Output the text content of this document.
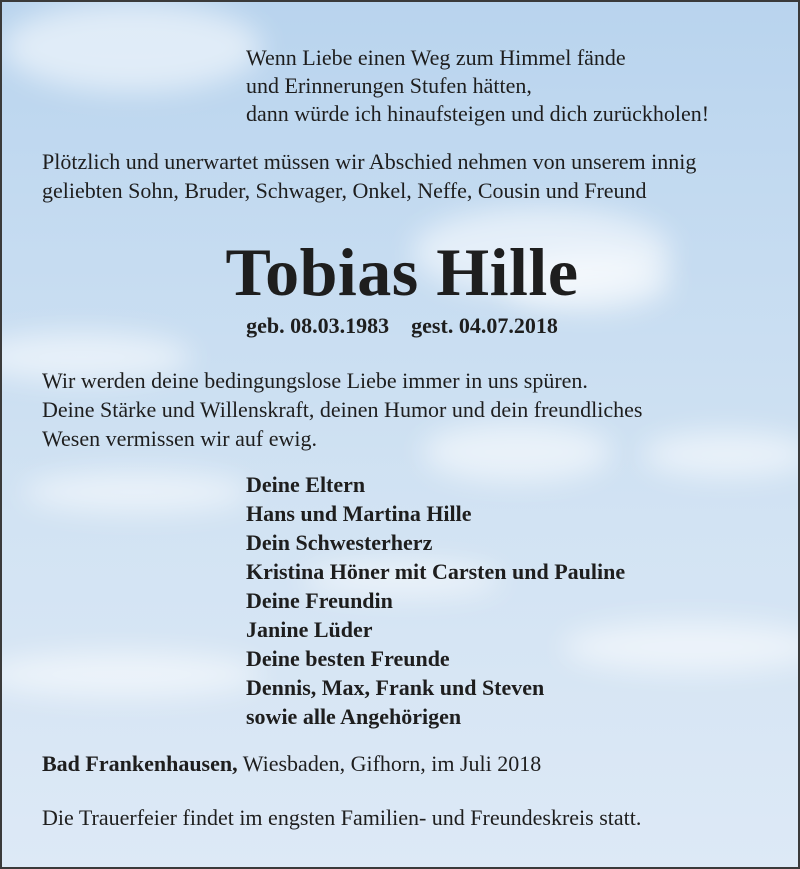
Wenn Liebe einen Weg zum Himmel fände
und Erinnerungen Stufen hätten,
dann würde ich hinaufsteigen und dich zurückholen!
Plötzlich und unerwartet müssen wir Abschied nehmen von unserem innig
geliebten Sohn, Bruder, Schwager, Onkel, Neffe, Cousin und Freund
Tobias Hille
geb. 08.03.1983 gest. 04.07.2018
Wir werden deine bedingungslose Liebe immer in uns spüren.
Deine Stärke und Willenskraft, deinen Humor und dein freundliches
Wesen vermissen wir auf ewig.
Deine Eltern
Hans und Martina Hille
Dein Schwesterherz
Kristina Höner mit Carsten und Pauline
Deine Freundin
Janine Lüder
Deine besten Freunde
Dennis, Max, Frank und Steven
sowie alle Angehörigen
Bad Frankenhausen, Wiesbaden, Gifhorn, im Juli 2018
Die Trauerfeier findet im engsten Familien- und Freundeskreis statt.
